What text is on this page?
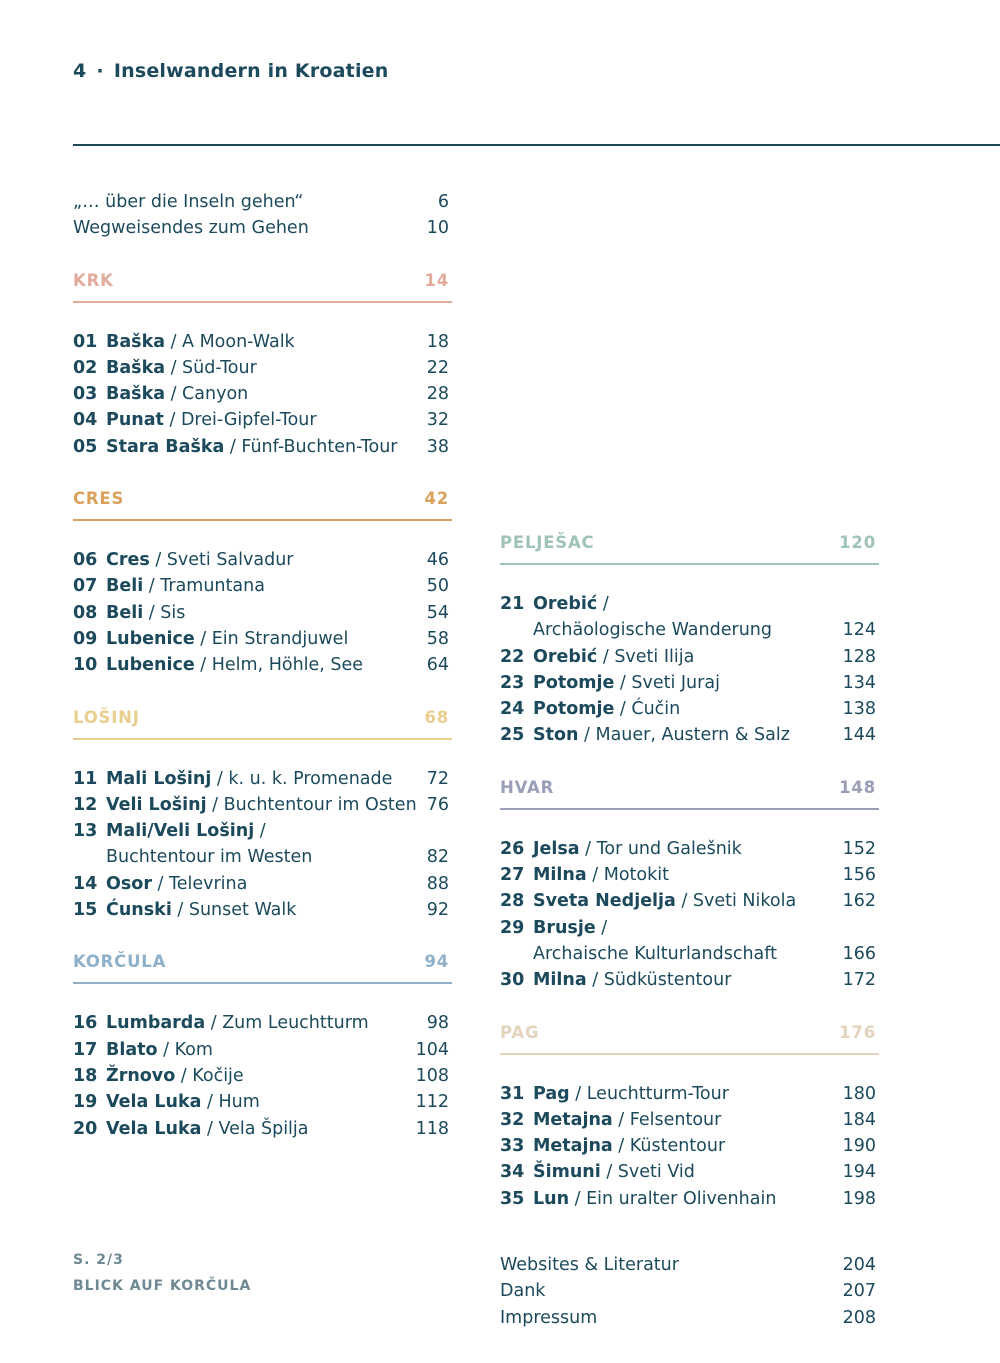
4 · Inselwandern in Kroatien
„… über die Inseln gehen“	6
Wegweisendes zum Gehen	10
KRK	14
01 Baška / A Moon-Walk	18
02 Baška / Süd-Tour	22
03 Baška / Canyon	28
04 Punat / Drei-Gipfel-Tour	32
05 Stara Baška / Fünf-Buchten-Tour 38
CRES	42
06 Cres / Sveti Salvadur	46
07 Beli / Tramuntana	50
08 Beli / Sis	54
09 Lubenice / Ein Strandjuwel	58
10 Lubenice / Helm, Höhle, See	64
LOŠINJ	68
11 Mali Lošinj / k. u. k. Promenade 72
12 Veli Lošinj / Buchtentour im Osten 76
13 Mali/Veli Lošinj /
Buchtentour im Westen	82
14 Osor / Televrina	88
15 Ćunski / Sunset Walk	92
KORČULA	94
16 Lumbarda / Zum Leuchtturm	98
17 Blato / Kom	104
18 Žrnovo / Kočije	108
19 Vela Luka / Hum	112
20 Vela Luka / Vela Špilja	118
PELJEŠAC	120
21 Orebić /
Archäologische Wanderung	124
22 Orebić / Sveti Ilija	128
23 Potomje / Sveti Juraj	134
24 Potomje / Ćučin	138
25 Ston / Mauer, Austern & Salz	144
HVAR	148
26 Jelsa / Tor und Galešnik	152
27 Milna / Motokit	156
28 Sveta Nedjelja / Sveti Nikola	162
29 Brusje /
Archaische Kulturlandschaft	166
30 Milna / Südküstentour	172
PAG	176
31 Pag / Leuchtturm-Tour	180
32 Metajna / Felsentour	184
33 Metajna / Küstentour	190
34 Šimuni / Sveti Vid	194
35 Lun / Ein uralter Olivenhain	198
Websites & Literatur	204
Dank	207
Impressum	208
S. 2/3
BLICK AUF KORČULA
